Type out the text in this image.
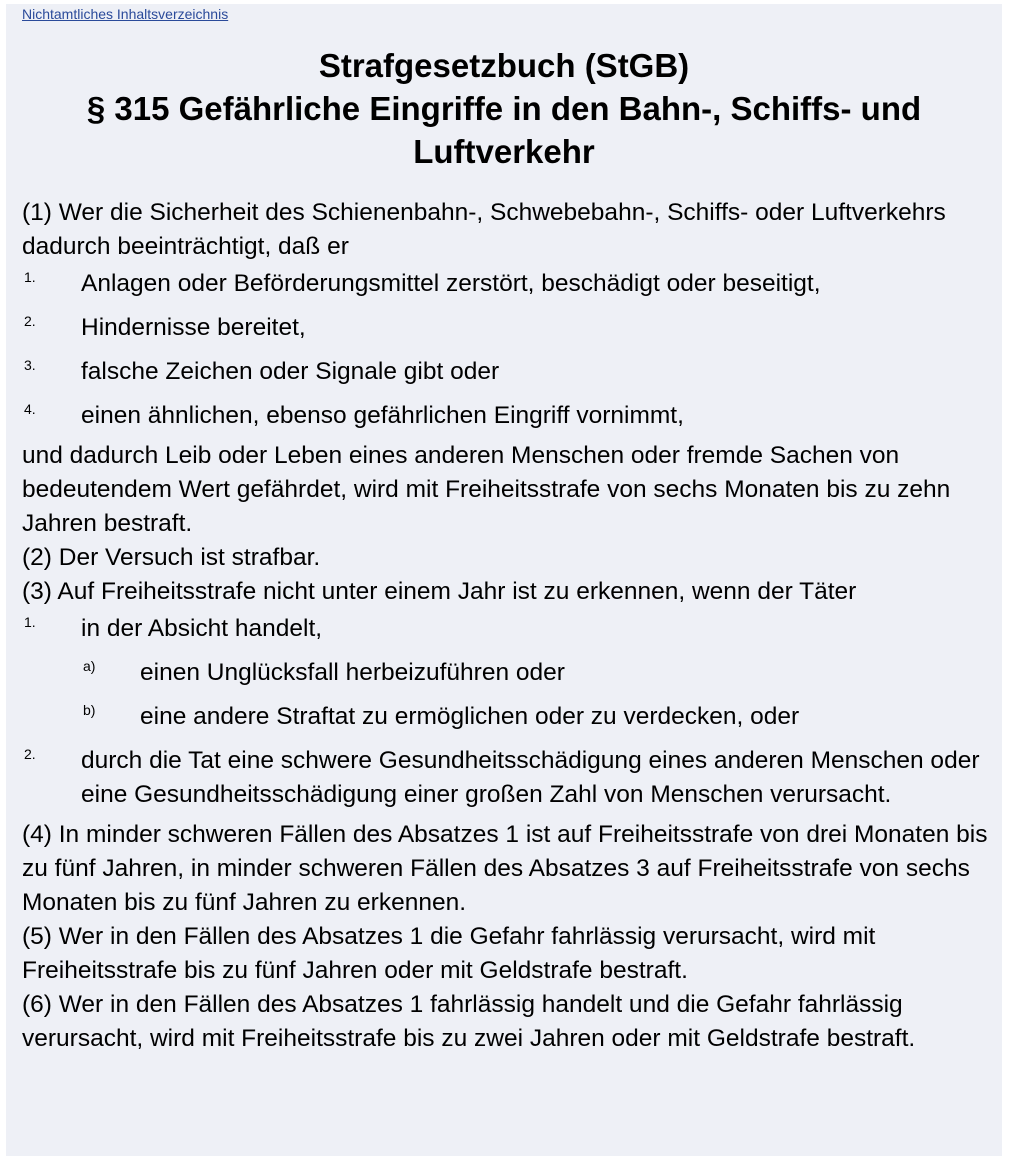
Nichtamtliches Inhaltsverzeichnis
Strafgesetzbuch (StGB)
§ 315 Gefährliche Eingriffe in den Bahn-, Schiffs- und
Luftverkehr

(1) Wer die Sicherheit des Schienenbahn-, Schwebebahn-, Schiffs- oder Luftverkehrs dadurch beeinträchtigt, daß er

1. Anlagen oder Beförderungsmittel zerstört, beschädigt oder beseitigt,
2. Hindernisse bereitet,
3. falsche Zeichen oder Signale gibt oder
4. einen ähnlichen, ebenso gefährlichen Eingriff vornimmt,

und dadurch Leib oder Leben eines anderen Menschen oder fremde Sachen von bedeutendem Wert gefährdet, wird mit Freiheitsstrafe von sechs Monaten bis zu zehn Jahren bestraft.

(2) Der Versuch ist strafbar.

(3) Auf Freiheitsstrafe nicht unter einem Jahr ist zu erkennen, wenn der Täter

1. in der Absicht handelt,
a) einen Unglücksfall herbeizuführen oder
b) eine andere Straftat zu ermöglichen oder zu verdecken, oder
2. durch die Tat eine schwere Gesundheitsschädigung eines anderen Menschen oder eine Gesundheitsschädigung einer großen Zahl von Menschen verursacht.

(4) In minder schweren Fällen des Absatzes 1 ist auf Freiheitsstrafe von drei Monaten bis zu fünf Jahren, in minder schweren Fällen des Absatzes 3 auf Freiheitsstrafe von sechs Monaten bis zu fünf Jahren zu erkennen.

(5) Wer in den Fällen des Absatzes 1 die Gefahr fahrlässig verursacht, wird mit Freiheitsstrafe bis zu fünf Jahren oder mit Geldstrafe bestraft.

(6) Wer in den Fällen des Absatzes 1 fahrlässig handelt und die Gefahr fahrlässig verursacht, wird mit Freiheitsstrafe bis zu zwei Jahren oder mit Geldstrafe bestraft.
